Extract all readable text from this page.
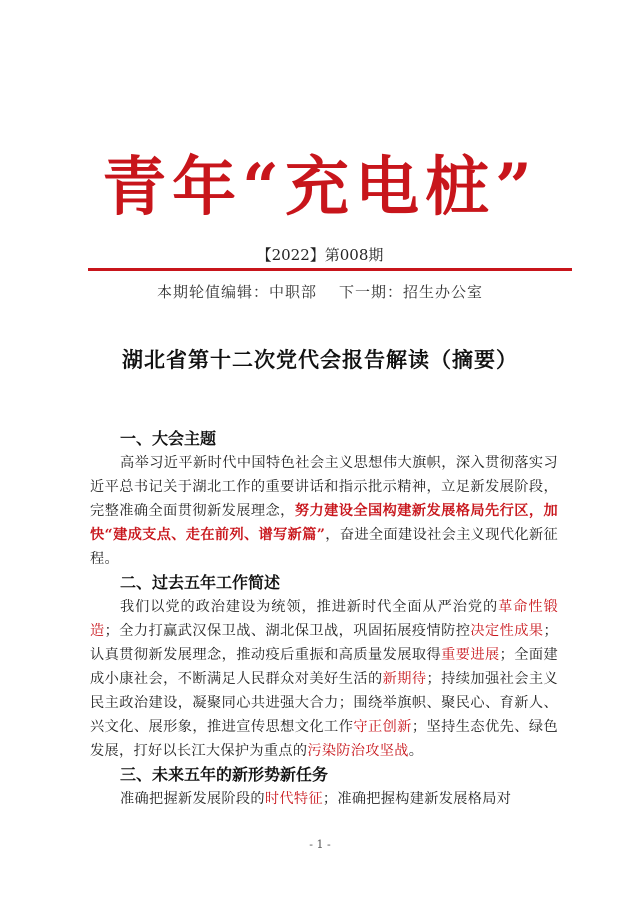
青年“充电桩”
【2022】第008期
本期轮值编辑：中职部 下一期：招生办公室
湖北省第十二次党代会报告解读（摘要）
一、大会主题

高举习近平新时代中国特色社会主义思想伟大旗帜，深入贯彻落实习近平总书记关于湖北工作的重要讲话和指示批示精神，立足新发展阶段，完整准确全面贯彻新发展理念，努力建设全国构建新发展格局先行区，加快“建成支点、走在前列、谱写新篇”，奋进全面建设社会主义现代化新征程。

二、过去五年工作简述

我们以党的政治建设为统领，推进新时代全面从严治党的革命性锻造；全力打赢武汉保卫战、湖北保卫战，巩固拓展疫情防控决定性成果；认真贯彻新发展理念，推动疫后重振和高质量发展取得重要进展；全面建成小康社会，不断满足人民群众对美好生活的新期待；持续加强社会主义民主政治建设，凝聚同心共进强大合力；围绕举旗帜、聚民心、育新人、兴文化、展形象，推进宣传思想文化工作守正创新；坚持生态优先、绿色发展，打好以长江大保护为重点的污染防治攻坚战。

三、未来五年的新形势新任务

准确把握新发展阶段的时代特征；准确把握构建新发展格局对

- 1 -
